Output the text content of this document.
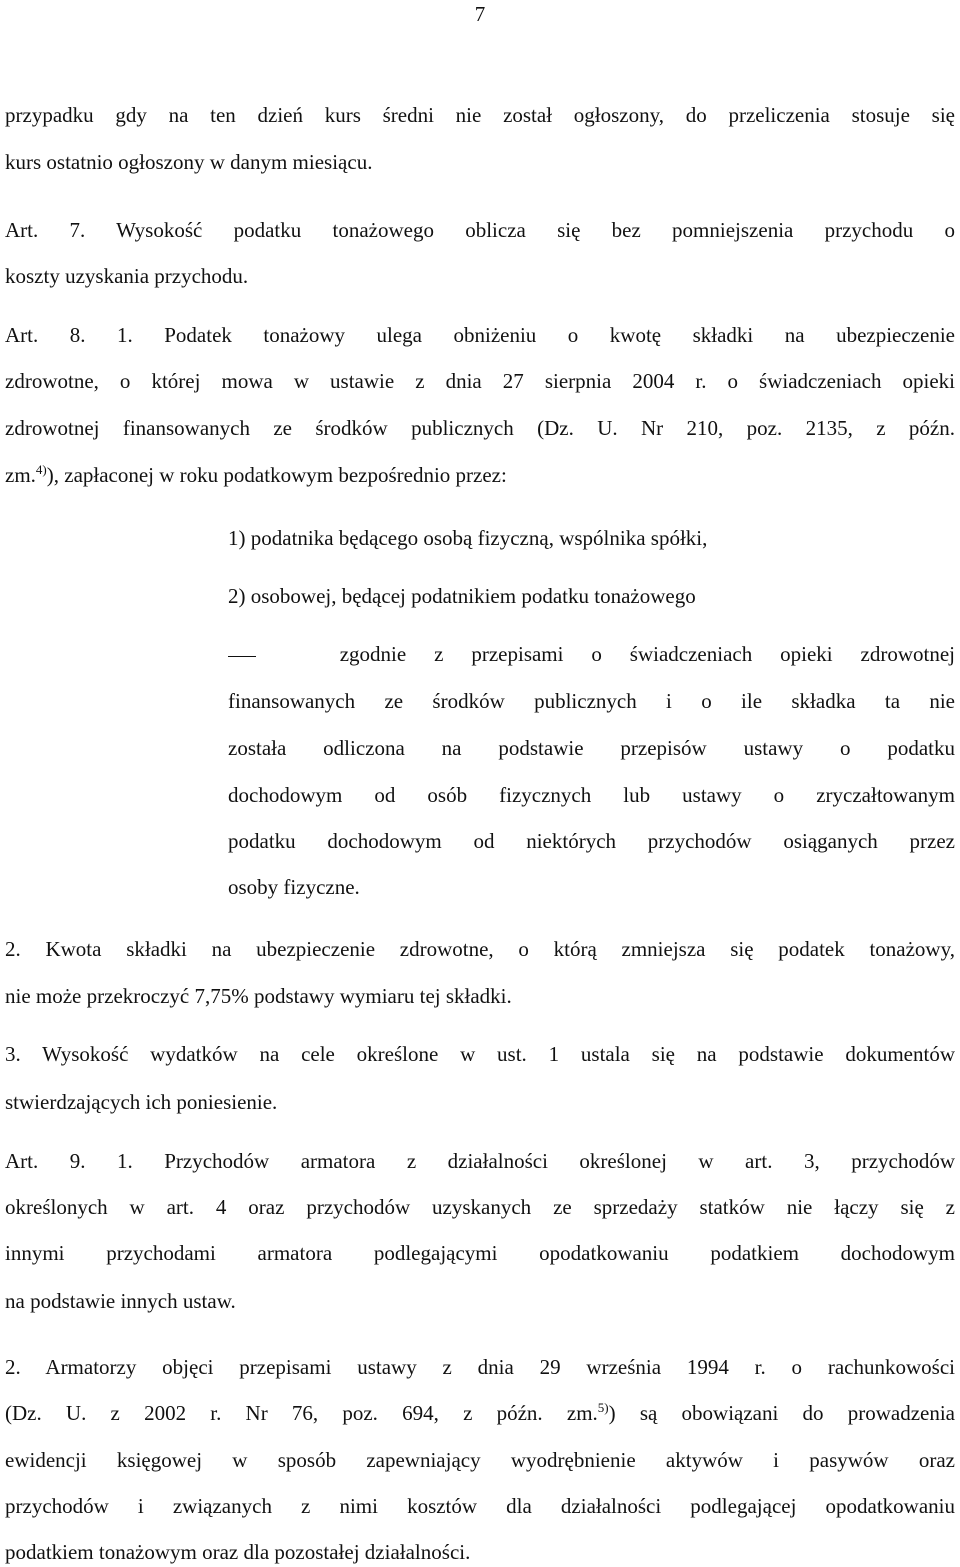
7
przypadku gdy na ten dzień kurs średni nie został ogłoszony, do przeliczenia stosuje się
kurs ostatnio ogłoszony w danym miesiącu.
Art. 7. Wysokość podatku tonażowego oblicza się bez pomniejszenia przychodu o
koszty uzyskania przychodu.
Art. 8. 1. Podatek tonażowy ulega obniżeniu o kwotę składki na ubezpieczenie
zdrowotne, o której mowa w ustawie z dnia 27 sierpnia 2004 r. o świadczeniach opieki
zdrowotnej finansowanych ze środków publicznych (Dz. U. Nr 210, poz. 2135, z późn.
zm.$^{4)}$), zapłaconej w roku podatkowym bezpośrednio przez:
1) podatnika będącego osobą fizyczną, wspólnika spółki,
2) osobowej, będącej podatnikiem podatku tonażowego
zgodnie z przepisami o świadczeniach opieki zdrowotnej
finansowanych ze środków publicznych i o ile składka ta nie
została odliczona na podstawie przepisów ustawy o podatku
dochodowym od osób fizycznych lub ustawy o zryczałtowanym
podatku dochodowym od niektórych przychodów osiąganych przez
osoby fizyczne.
2. Kwota składki na ubezpieczenie zdrowotne, o którą zmniejsza się podatek tonażowy,
nie może przekroczyć 7,75% podstawy wymiaru tej składki.
3. Wysokość wydatków na cele określone w ust. 1 ustala się na podstawie dokumentów
stwierdzających ich poniesienie.
Art. 9. 1. Przychodów armatora z działalności określonej w art. 3, przychodów
określonych w art. 4 oraz przychodów uzyskanych ze sprzedaży statków nie łączy się z
innymi przychodami armatora podlegającymi opodatkowaniu podatkiem dochodowym
na podstawie innych ustaw.
2. Armatorzy objęci przepisami ustawy z dnia 29 września 1994 r. o rachunkowości
(Dz. U. z 2002 r. Nr 76, poz. 694, z późn. zm.$^{5)}$) są obowiązani do prowadzenia
ewidencji księgowej w sposób zapewniający wyodrębnienie aktywów i pasywów oraz
przychodów i związanych z nimi kosztów dla działalności podlegającej opodatkowaniu
podatkiem tonażowym oraz dla pozostałej działalności.
